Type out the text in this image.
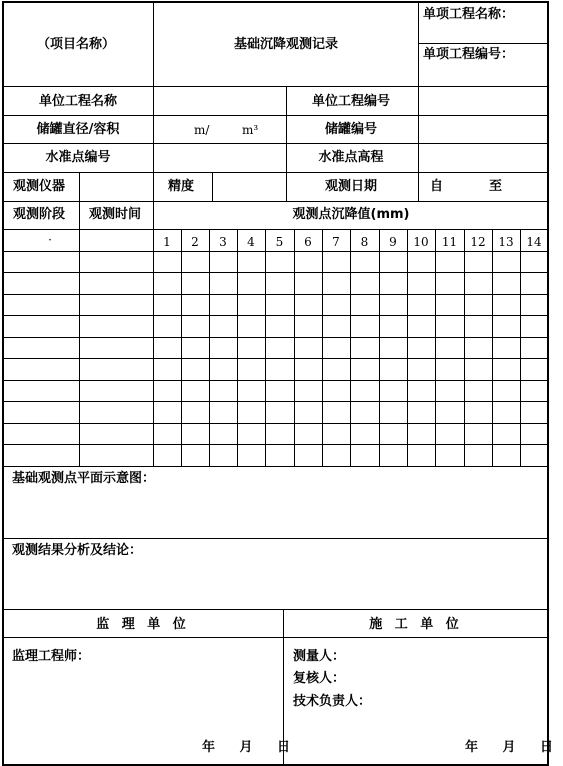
（项目名称）	基础沉降观测记录
单项工程名称：
单项工程编号：
单位工程名称	单位工程编号
储罐直径/容积	m/	m³	储罐编号
水准点编号	水准点高程
观测仪器	精度	观测日期	自	至
观测阶段 观测时间	观测点沉降值(mm)
1 2 3 4 5 6 7 8 9 10 11 12 13 14
·
基础观测点平面示意图：
观测结果分析及结论：
监 理 单 位	施 工 单 位
监理工程师：	测量人：
复核人：
技术负责人：
年 月 日	年 月 日
